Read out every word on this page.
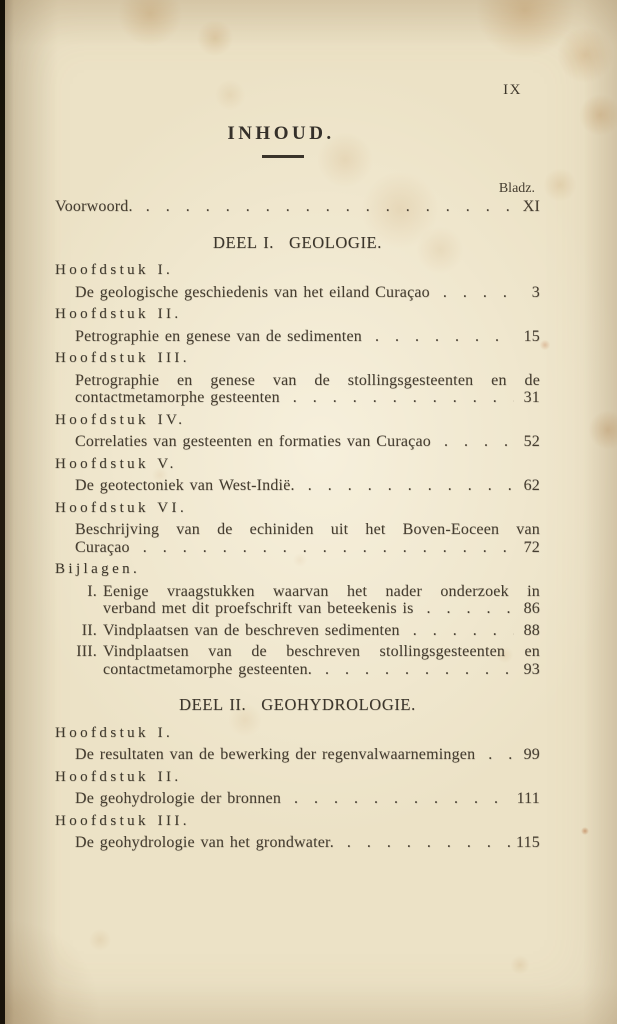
IX
INHOUD.
Bladz.
Voorwoord. .....	XI
DEEL I. GEOLOGIE.
Hoofdstuk I.
De geologische geschiedenis van het eiland Curaçao .....	3
Hoofdstuk II.
Petrographie en genese van de sedimenten .....	15
Hoofdstuk III.
Petrographie en genese van de stollingsgesteenten en de
contactmetamorphe gesteenten .....	31
Hoofdstuk IV.
Correlaties van gesteenten en formaties van Curaçao .....	52
Hoofdstuk V.
De geotectoniek van West-Indië. .....	62
Hoofdstuk VI.
Beschrijving van de echiniden uit het Boven-Eoceen van
Curaçao .....	72
Bijlagen.
I. Eenige vraagstukken waarvan het nader onderzoek in
verband met dit proefschrift van beteekenis is .....	86
II. Vindplaatsen van de beschreven sedimenten .....	88
III. Vindplaatsen van de beschreven stollingsgesteenten en
contactmetamorphe gesteenten. .....	93
DEEL II. GEOHYDROLOGIE.
Hoofdstuk I.
De resultaten van de bewerking der regenvalwaarnemingen .....	99
Hoofdstuk II.
De geohydrologie der bronnen .....	111
Hoofdstuk III.
De geohydrologie van het grondwater. .....	115
